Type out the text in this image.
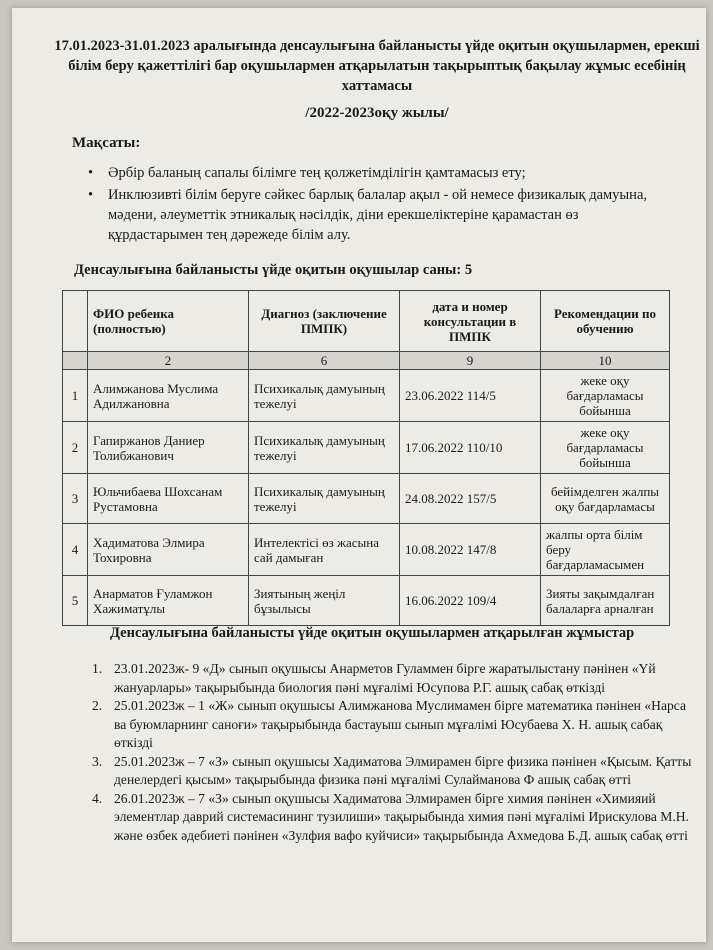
17.01.2023-31.01.2023 аралығында денсаулығына байланысты үйде оқитын оқушылармен, ерекші білім беру қажеттілігі бар оқушылармен атқарылатын тақырыптық бақылау жұмыс есебінің хаттамасы
/2022-2023оқу жылы/
Мақсаты:
• Әрбір баланың сапалы білімге тең қолжетімділігін қамтамасыз ету;
• Инклюзивті білім беруге сәйкес барлық балалар ақыл - ой немесе физикалық дамуына, мәдени, әлеуметтік этникалық нәсілдік, діни ерекшеліктеріне қарамастан өз құрдастарымен тең дәрежеде білім алу.
Денсаулығына байланысты үйде оқитын оқушылар саны: 5
	ФИО ребенка (полностью)	Диагноз (заключение ПМПК)	дата и номер консультации в ПМПК	Рекомендации по обучению
	2	6	9	10
1	Алимжанова Муслима Адилжановна	Психикалық дамуының тежелуі	23.06.2022 114/5	жеке оқу бағдарламасы бойынша
2	Гапиржанов Даниер Толибжанович	Психикалық дамуының тежелуі	17.06.2022 110/10	жеке оқу бағдарламасы бойынша
3	Юльчибаева Шохсанам Рустамовна	Психикалық дамуының тежелуі	24.08.2022 157/5	бейімделген жалпы оқу бағдарламасы
4	Хадиматова Элмира Тохировна	Интелектісі өз жасына сай дамыған	10.08.2022 147/8	жалпы орта білім беру бағдарламасымен
5	Анарматов Ғуламжон Хажиматұлы	Зиятының жеңіл бұзылысы	16.06.2022 109/4	Зияты зақымдалған балаларға арналған
Денсаулығына байланысты үйде оқитын оқушылармен атқарылған жұмыстар
1. 23.01.2023ж- 9 «Д» сынып оқушысы Анарметов Гуламмен бірге жаратылыстану пәнінен «Үй жануарлары» тақырыбында биология пәні мұғалімі Юсупова Р.Г. ашық сабақ өткізді
2. 25.01.2023ж – 1 «Ж» сынып оқушысы Алимжанова Муслимамен бірге математика пәнінен «Нарса ва буюмларнинг саноғи» тақырыбында бастауыш сынып мұғалімі Юсубаева Х. Н. ашық сабақ өткізді
3. 25.01.2023ж – 7 «З» сынып оқушысы Хадиматова Элмирамен бірге физика пәнінен «Қысым. Қатты денелердегі қысым» тақырыбында физика пәні мұғалімі Сулайманова Ф ашық сабақ өтті
4. 26.01.2023ж – 7 «З» сынып оқушысы Хадиматова Элмирамен бірге химия пәнінен «Химияий элементлар даврий системасининг тузилиши» тақырыбында химия пәні мұғалімі Ирискулова М.Н. және өзбек әдебиеті пәнінен «Зулфия вафо куйчиси» тақырыбында Ахмедова Б.Д. ашық сабақ өтті
